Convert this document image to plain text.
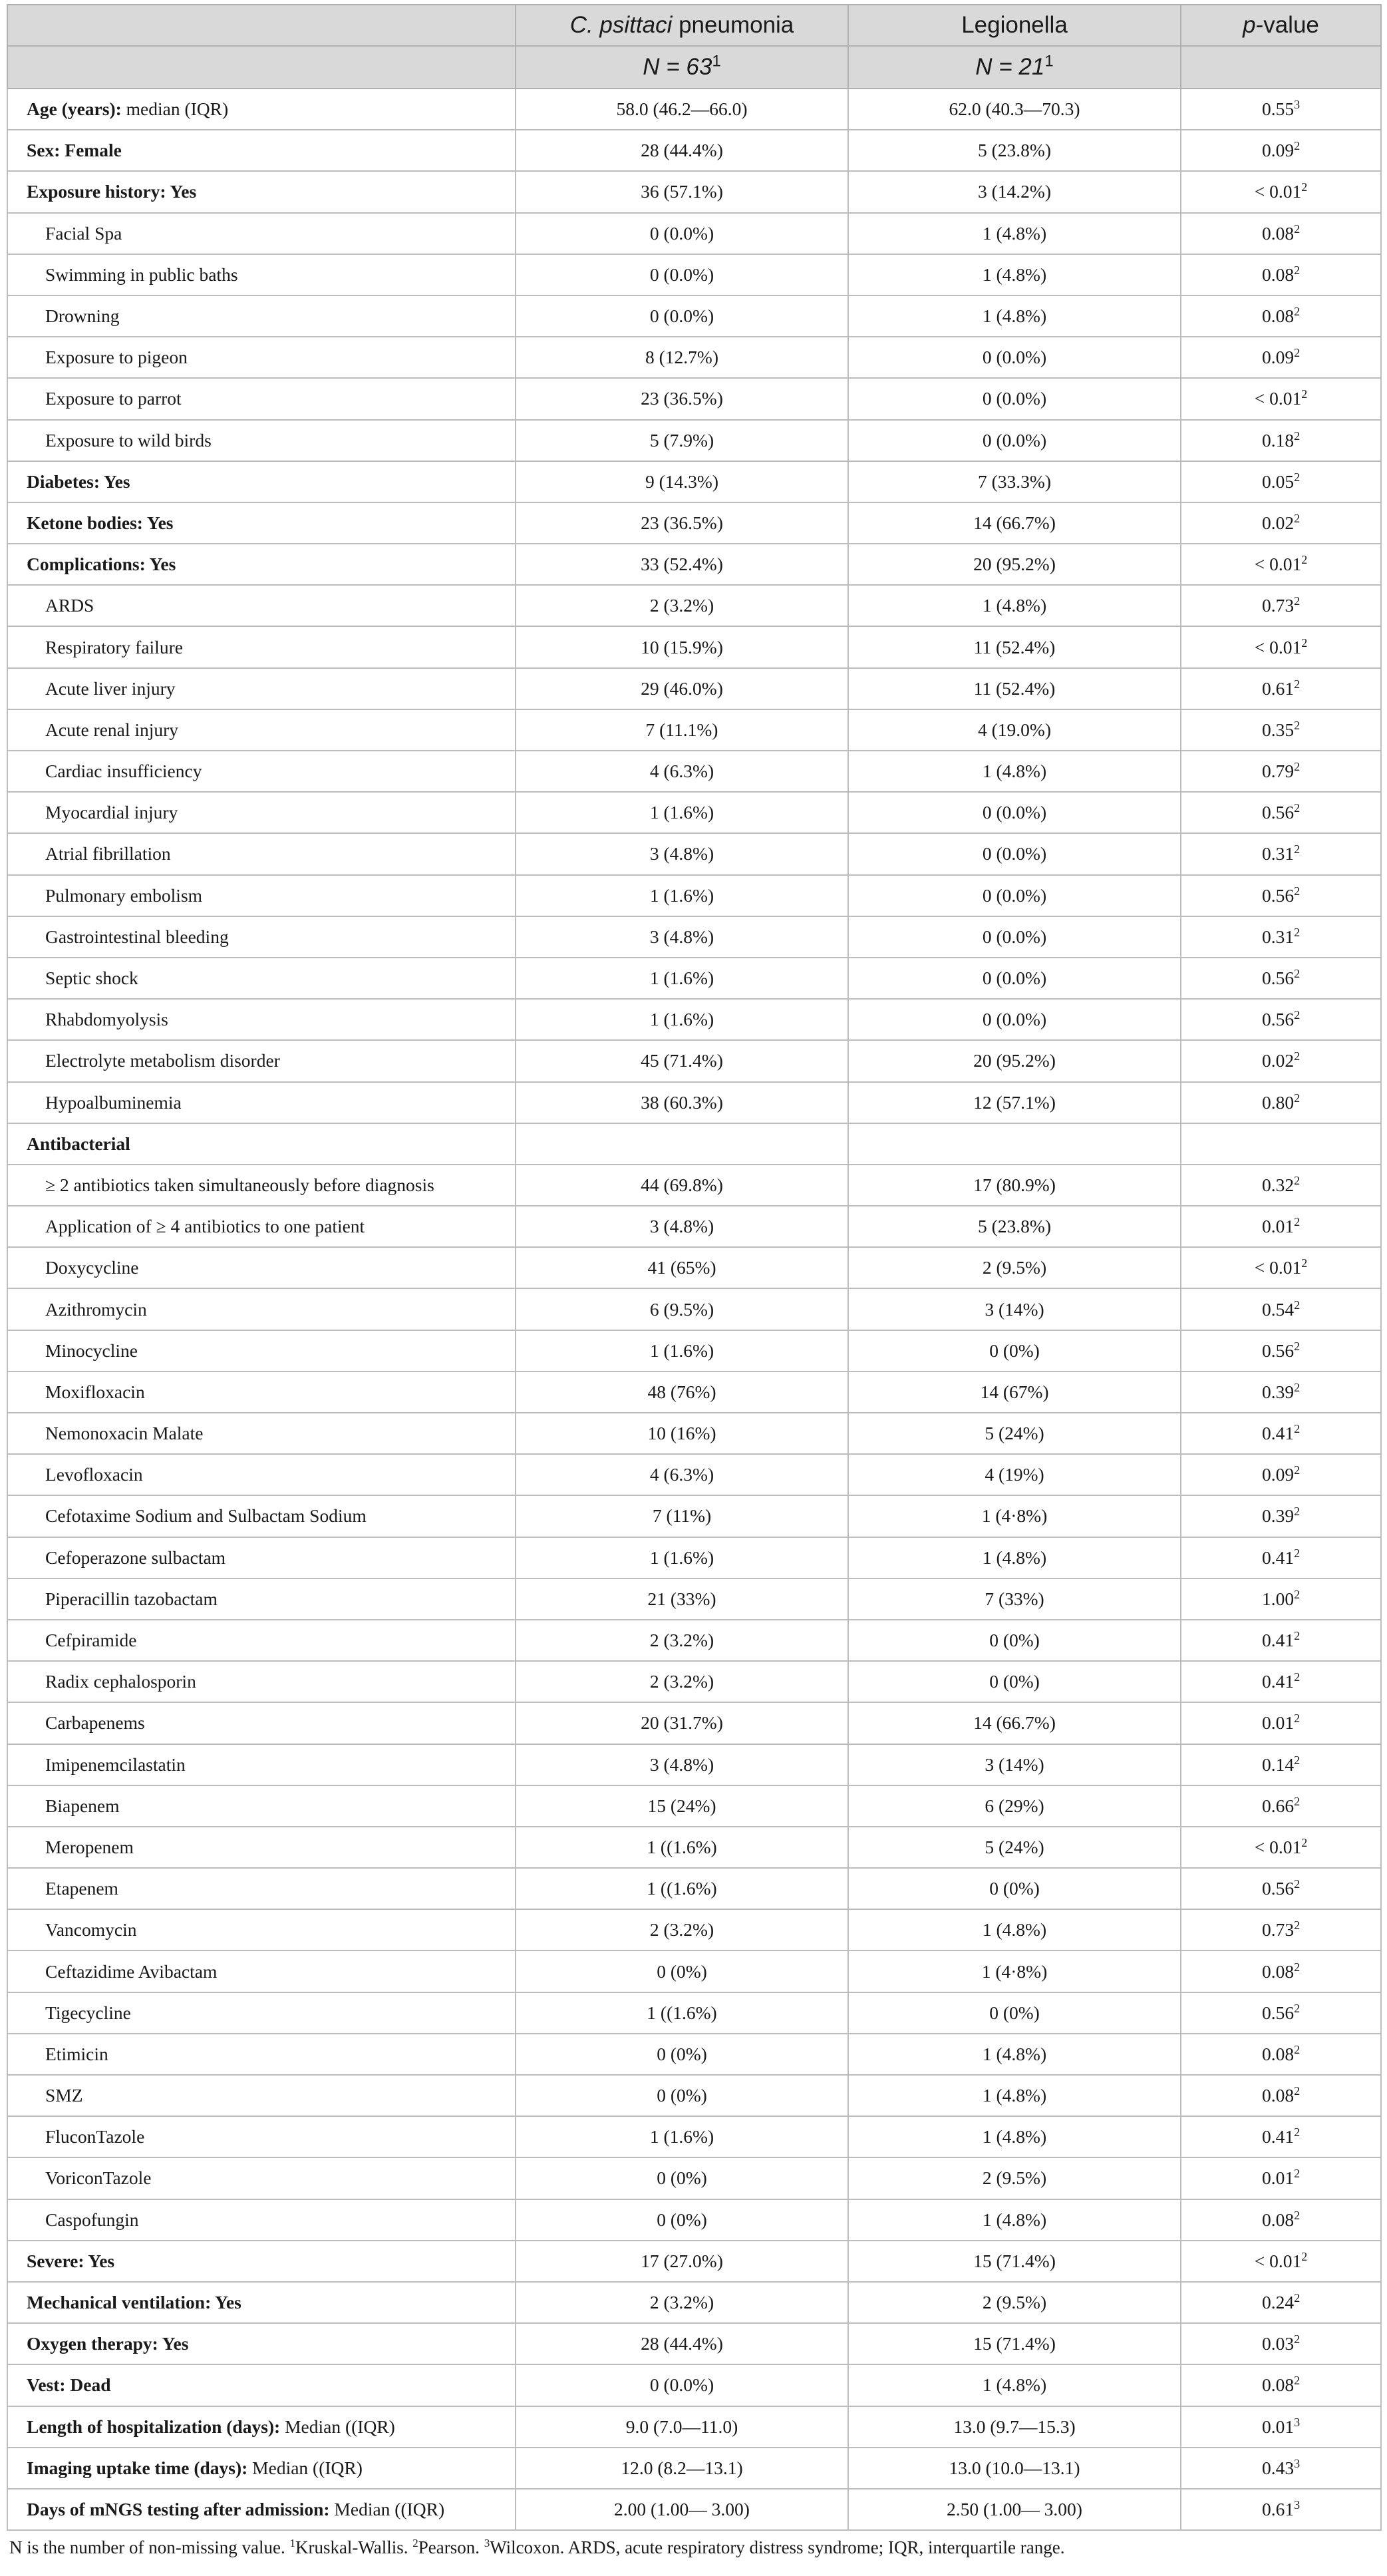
	C. psittaci pneumonia	Legionella	p-value
	$N = 63^1$	$N = 21^1$	
Age (years): median (IQR)	58.0 (46.2—66.0)	62.0 (40.3—70.3)	0.55$^3$
Sex: Female	28 (44.4%)	5 (23.8%)	0.09$^2$
Exposure history: Yes	36 (57.1%)	3 (14.2%)	< $0.01^2$
Facial Spa	0 (0.0%)	1 (4.8%)	0.08$^2$
Swimming in public baths	0 (0.0%)	1 (4.8%)	0.08$^2$
Drowning	0 (0.0%)	1 (4.8%)	0.08$^2$
Exposure to pigeon	8 (12.7%)	0 (0.0%)	0.09$^2$
Exposure to parrot	23 (36.5%)	0 (0.0%)	< $0.01^2$
Exposure to wild birds	5 (7.9%)	0 (0.0%)	0.18$^2$
Diabetes: Yes	9 (14.3%)	7 (33.3%)	0.05$^2$
Ketone bodies: Yes	23 (36.5%)	14 (66.7%)	0.02$^2$
Complications: Yes	33 (52.4%)	20 (95.2%)	< $0.01^2$
ARDS	2 (3.2%)	1 (4.8%)	0.73$^2$
Respiratory failure	10 (15.9%)	11 (52.4%)	< $0.01^2$
Acute liver injury	29 (46.0%)	11 (52.4%)	0.61$^2$
Acute renal injury	7 (11.1%)	4 (19.0%)	0.35$^2$
Cardiac insufficiency	4 (6.3%)	1 (4.8%)	0.79$^2$
Myocardial injury	1 (1.6%)	0 (0.0%)	0.56$^2$
Atrial fibrillation	3 (4.8%)	0 (0.0%)	0.31$^2$
Pulmonary embolism	1 (1.6%)	0 (0.0%)	0.56$^2$
Gastrointestinal bleeding	3 (4.8%)	0 (0.0%)	0.31$^2$
Septic shock	1 (1.6%)	0 (0.0%)	0.56$^2$
Rhabdomyolysis	1 (1.6%)	0 (0.0%)	0.56$^2$
Electrolyte metabolism disorder	45 (71.4%)	20 (95.2%)	0.02$^2$
Hypoalbuminemia	38 (60.3%)	12 (57.1%)	0.80$^2$
Antibacterial			
≥ 2 antibiotics taken simultaneously before diagnosis	44 (69.8%)	17 (80.9%)	0.32$^2$
Application of ≥ 4 antibiotics to one patient	3 (4.8%)	5 (23.8%)	0.01$^2$
Doxycycline	41 (65%)	2 (9.5%)	< $0.01^2$
Azithromycin	6 (9.5%)	3 (14%)	0.54$^2$
Minocycline	1 (1.6%)	0 (0%)	0.56$^2$
Moxifloxacin	48 (76%)	14 (67%)	0.39$^2$
Nemonoxacin Malate	10 (16%)	5 (24%)	0.41$^2$
Levofloxacin	4 (6.3%)	4 (19%)	0.09$^2$
Cefotaxime Sodium and Sulbactam Sodium	7 (11%)	1 (4·8%)	0.39$^2$
Cefoperazone sulbactam	1 (1.6%)	1 (4.8%)	0.41$^2$
Piperacillin tazobactam	21 (33%)	7 (33%)	1.00$^2$
Cefpiramide	2 (3.2%)	0 (0%)	0.41$^2$
Radix cephalosporin	2 (3.2%)	0 (0%)	0.41$^2$
Carbapenems	20 (31.7%)	14 (66.7%)	0.01$^2$
Imipenemcilastatin	3 (4.8%)	3 (14%)	0.14$^2$
Biapenem	15 (24%)	6 (29%)	0.66$^2$
Meropenem	1 ((1.6%)	5 (24%)	< $0.01^2$
Etapenem	1 ((1.6%)	0 (0%)	0.56$^2$
Vancomycin	2 (3.2%)	1 (4.8%)	0.73$^2$
Ceftazidime Avibactam	0 (0%)	1 (4·8%)	0.08$^2$
Tigecycline	1 ((1.6%)	0 (0%)	0.56$^2$
Etimicin	0 (0%)	1 (4.8%)	0.08$^2$
SMZ	0 (0%)	1 (4.8%)	0.08$^2$
FluconTazole	1 (1.6%)	1 (4.8%)	0.41$^2$
VoriconTazole	0 (0%)	2 (9.5%)	0.01$^2$
Caspofungin	0 (0%)	1 (4.8%)	0.08$^2$
Severe: Yes	17 (27.0%)	15 (71.4%)	< $0.01^2$
Mechanical ventilation: Yes	2 (3.2%)	2 (9.5%)	0.24$^2$
Oxygen therapy: Yes	28 (44.4%)	15 (71.4%)	0.03$^2$
Vest: Dead	0 (0.0%)	1 (4.8%)	0.08$^2$
Length of hospitalization (days): Median ((IQR)	9.0 (7.0—11.0)	13.0 (9.7—15.3)	0.01$^3$
Imaging uptake time (days): Median ((IQR)	12.0 (8.2—13.1)	13.0 (10.0—13.1)	0.43$^3$
Days of mNGS testing after admission: Median ((IQR)	2.00 (1.00— 3.00)	2.50 (1.00— 3.00)	0.61$^3$
N is the number of non-missing value. $^1$Kruskal-Wallis. $^2$Pearson. $^3$Wilcoxon. ARDS, acute respiratory distress syndrome; IQR, interquartile range.
